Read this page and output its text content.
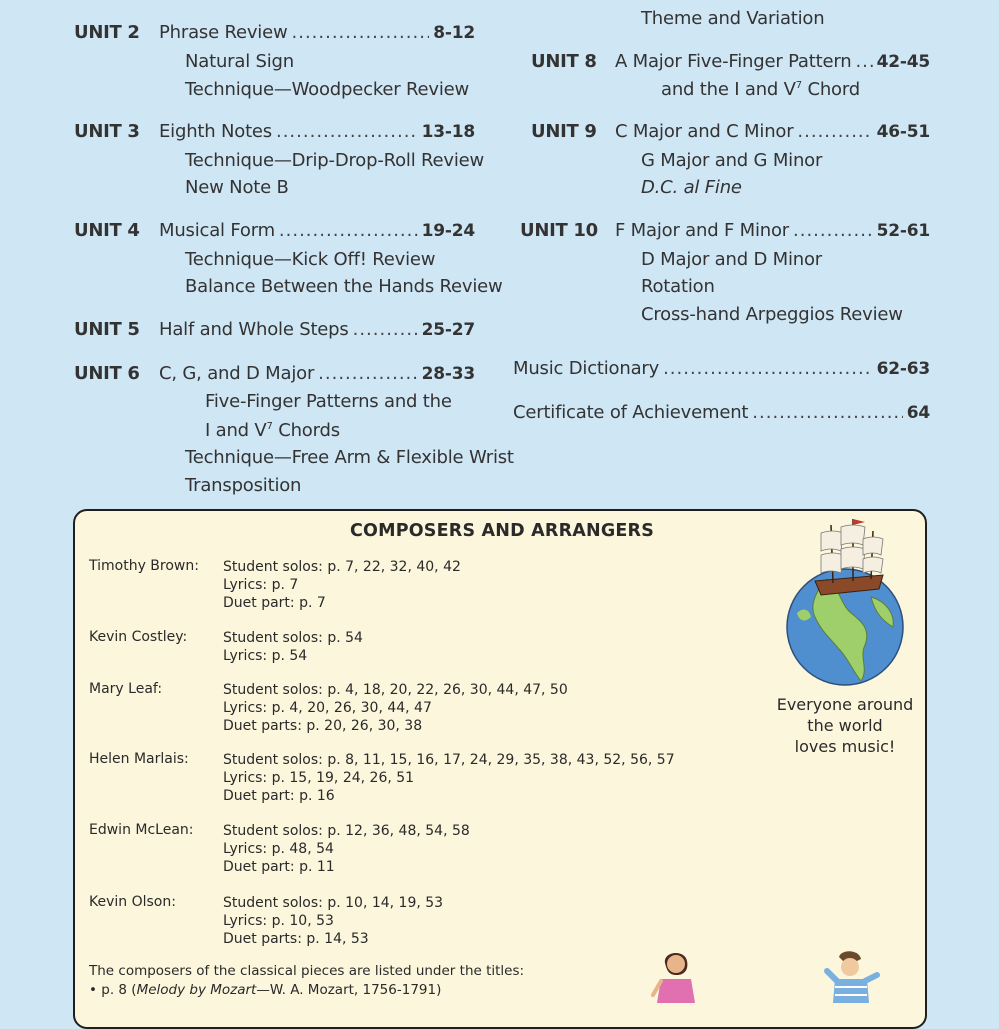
UNIT 2 Phrase Review .....	8-12
Natural Sign
Technique—Woodpecker Review
UNIT 3 Eighth Notes .....	13-18
Technique—Drip-Drop-Roll Review
New Note B
UNIT 4 Musical Form .....	19-24
Technique—Kick Off! Review
Balance Between the Hands Review
UNIT 5 Half and Whole Steps .....	25-27
UNIT 6 C, G, and D Major .....	28-33
Five-Finger Patterns and the
I and $V^7$ Chords
Technique—Free Arm & Flexible Wrist
Transposition
Theme and Variation
UNIT 8 A Major Five-Finger Pattern ..... 42-45
and the I and $V^7$ Chord
UNIT 9 C Major and C Minor .....	46-51
G Major and G Minor
D.C. al Fine
UNIT 10 F Major and F Minor .....	52-61
D Major and D Minor
Rotation
Cross-hand Arpeggios Review
Music Dictionary .....	62-63
Certificate of Achievement .....	64
COMPOSERS AND ARRANGERS
Timothy Brown: Student solos: p. 7, 22, 32, 40, 42
Lyrics: p. 7
Duet part: p. 7
Kevin Costley:	Student solos: p. 54
Lyrics: p. 54
Mary Leaf:	Student solos: p. 4, 18, 20, 22, 26, 30, 44, 47, 50
Lyrics: p. 4, 20, 26, 30, 44, 47
Duet parts: p. 20, 26, 30, 38
Helen Marlais: Student solos: p. 8, 11, 15, 16, 17, 24, 29, 35, 38, 43, 52, 56, 57
Lyrics: p. 15, 19, 24, 26, 51
Duet part: p. 16
Edwin McLean: Student solos: p. 12, 36, 48, 54, 58
Lyrics: p. 48, 54
Duet part: p. 11
Kevin Olson:	Student solos: p. 10, 14, 19, 53
Lyrics: p. 10, 53
Duet parts: p. 14, 53
The composers of the classical pieces are listed under the titles:
• p. 8 (Melody by Mozart—W. A. Mozart, 1756-1791)
Everyone around
the world
loves music!
